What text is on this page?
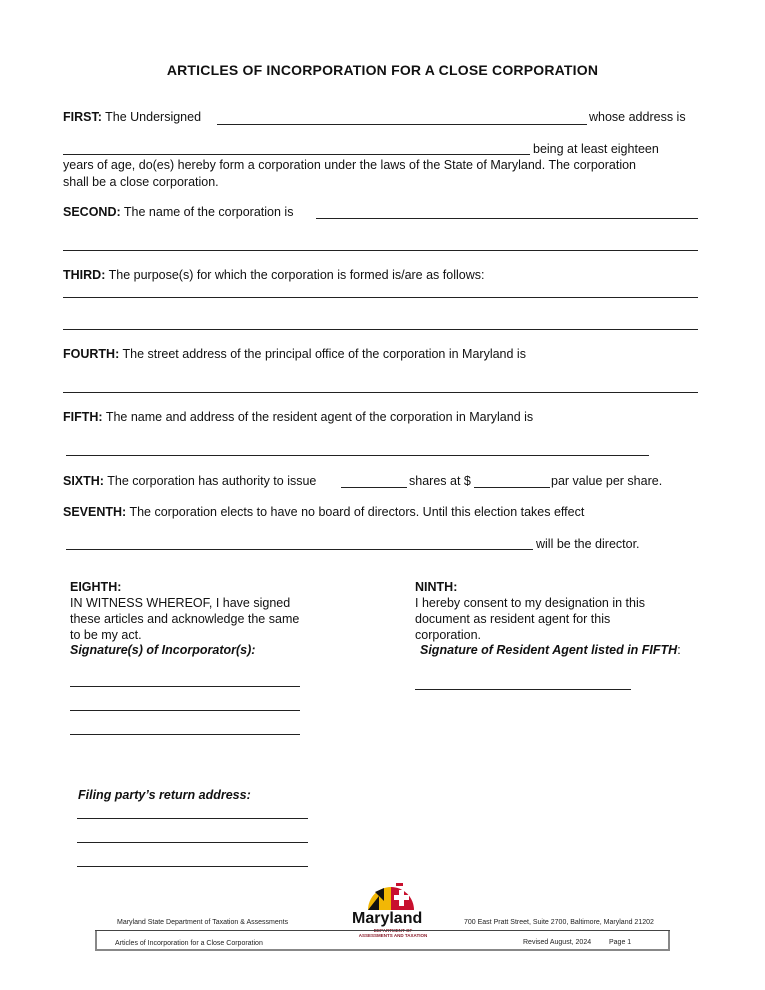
ARTICLES OF INCORPORATION FOR A CLOSE CORPORATION
FIRST: The Undersigned	whose address is
being at least eighteen
years of age, do(es) hereby form a corporation under the laws of the State of Maryland. The corporation
shall be a close corporation.
SECOND: The name of the corporation is
THIRD: The purpose(s) for which the corporation is formed is/are as follows:
FOURTH: The street address of the principal office of the corporation in Maryland is
FIFTH: The name and address of the resident agent of the corporation in Maryland is
SIXTH: The corporation has authority to issue	shares at $	par value per share.
SEVENTH: The corporation elects to have no board of directors. Until this election takes effect
will be the director.
EIGHTH:
IN WITNESS WHEREOF, I have signed
these articles and acknowledge the same
to be my act.
Signature(s) of Incorporator(s):
NINTH:
I hereby consent to my designation in this
document as resident agent for this
corporation.
Signature of Resident Agent listed in FIFTH:
Filing party’s return address:
Maryland
DEPARTMENT OF
ASSESSMENTS AND TAXATION
Maryland State Department of Taxation & Assessments	700 East Pratt Street, Suite 2700, Baltimore, Maryland 21202
Articles of Incorporation for a Close Corporation	Revised August, 2024	Page 1
